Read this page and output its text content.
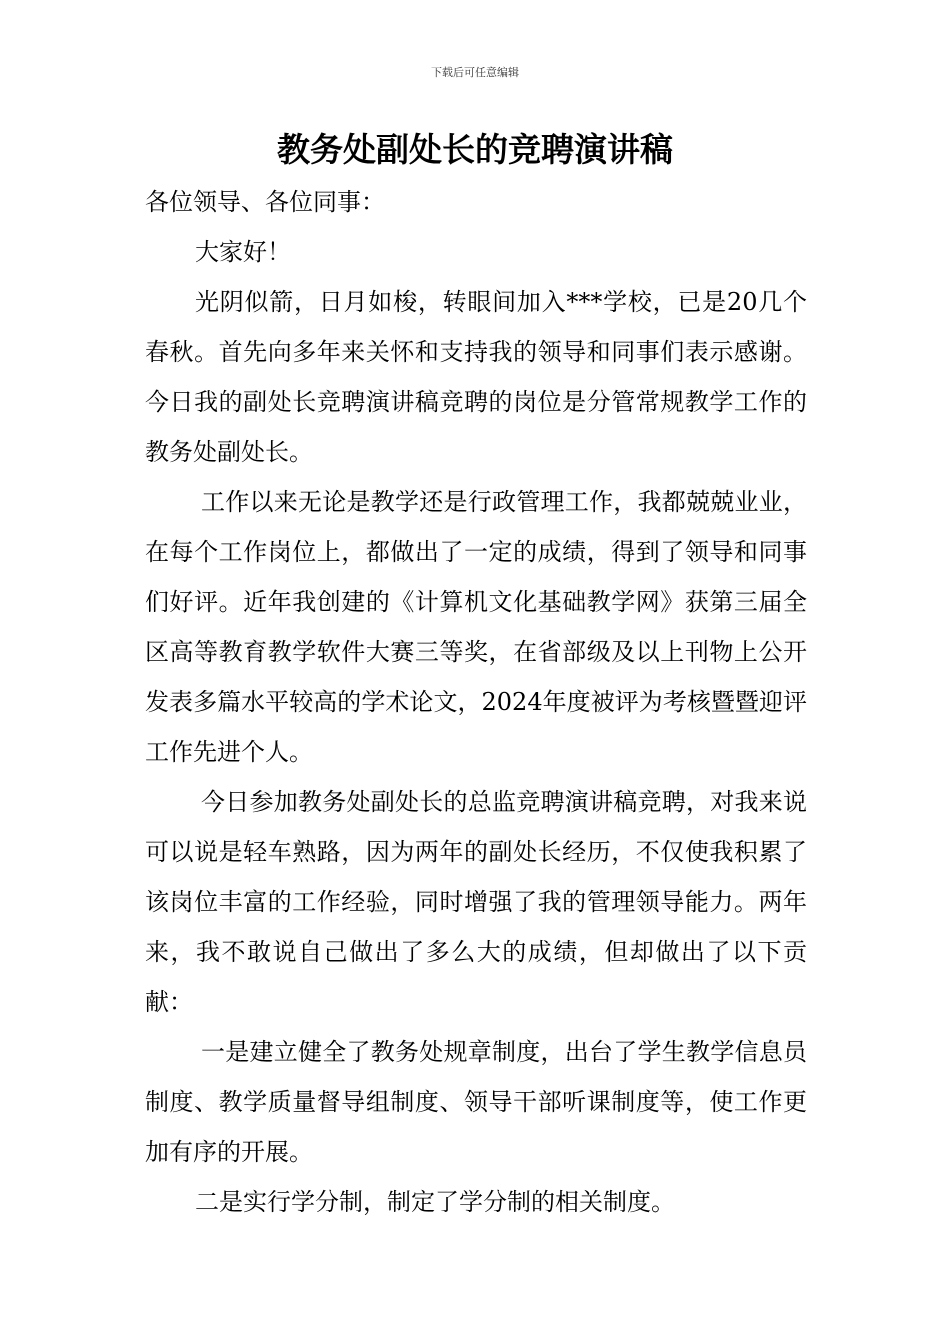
下载后可任意编辑
教务处副处长的竞聘演讲稿

各位领导、各位同事：

大家好！

光阴似箭，日月如梭，转眼间加入***学校，已是20几个春秋。首先向多年来关怀和支持我的领导和同事们表示感谢。今日我的副处长竞聘演讲稿竞聘的岗位是分管常规教学工作的教务处副处长。

工作以来无论是教学还是行政管理工作，我都兢兢业业，在每个工作岗位上，都做出了一定的成绩，得到了领导和同事们好评。近年我创建的《计算机文化基础教学网》获第三届全区高等教育教学软件大赛三等奖，在省部级及以上刊物上公开发表多篇水平较高的学术论文，2024年度被评为考核暨暨迎评工作先进个人。

今日参加教务处副处长的总监竞聘演讲稿竞聘，对我来说可以说是轻车熟路，因为两年的副处长经历，不仅使我积累了该岗位丰富的工作经验，同时增强了我的管理领导能力。两年来，我不敢说自己做出了多么大的成绩，但却做出了以下贡献：

一是建立健全了教务处规章制度，出台了学生教学信息员制度、教学质量督导组制度、领导干部听课制度等，使工作更加有序的开展。

二是实行学分制，制定了学分制的相关制度。
